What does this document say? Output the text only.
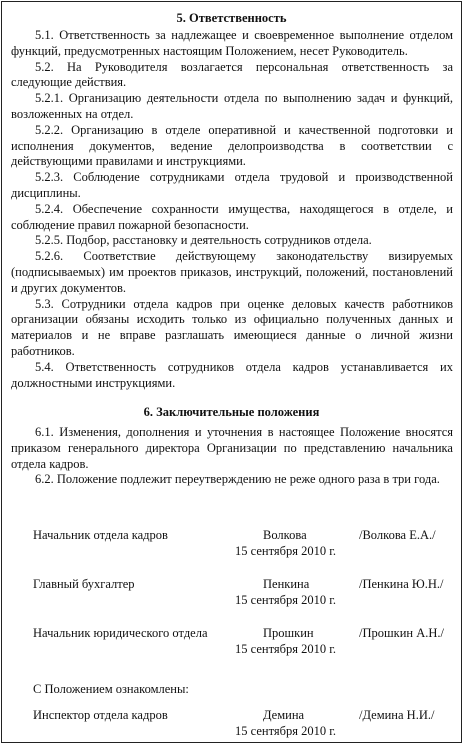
5. Ответственность

5.1. Ответственность за надлежащее и своевременное выполнение отделом функций, предусмотренных настоящим Положением, несет Руководитель.

5.2. На Руководителя возлагается персональная ответственность за следующие действия.

5.2.1. Организацию деятельности отдела по выполнению задач и функций, возложенных на отдел.

5.2.2. Организацию в отделе оперативной и качественной подготовки и исполнения документов, ведение делопроизводства в соответствии с действующими правилами и инструкциями.

5.2.3. Соблюдение сотрудниками отдела трудовой и производственной дисциплины.

5.2.4. Обеспечение сохранности имущества, находящегося в отделе, и соблюдение правил пожарной безопасности.

5.2.5. Подбор, расстановку и деятельность сотрудников отдела.

5.2.6. Соответствие действующему законодательству визируемых (подписываемых) им проектов приказов, инструкций, положений, постановлений и других документов.

5.3. Сотрудники отдела кадров при оценке деловых качеств работников организации обязаны исходить только из официально полученных данных и материалов и не вправе разглашать имеющиеся данные о личной жизни работников.

5.4. Ответственность сотрудников отдела кадров устанавливается их должностными инструкциями.

6. Заключительные положения

6.1. Изменения, дополнения и уточнения в настоящее Положение вносятся приказом генерального директора Организации по представлению начальника отдела кадров.

6.2. Положение подлежит переутверждению не реже одного раза в три года.

Начальник отдела кадров	Волкова	/Волкова Е.А./
15 сентября 2010 г.
Главный бухгалтер	Пенкина	/Пенкина Ю.Н./
15 сентября 2010 г.
Начальник юридического отдела	Прошкин	/Прошкин А.Н./
15 сентября 2010 г.
С Положением ознакомлены:
Инспектор отдела кадров	Демина	/Демина Н.И./
15 сентября 2010 г.
